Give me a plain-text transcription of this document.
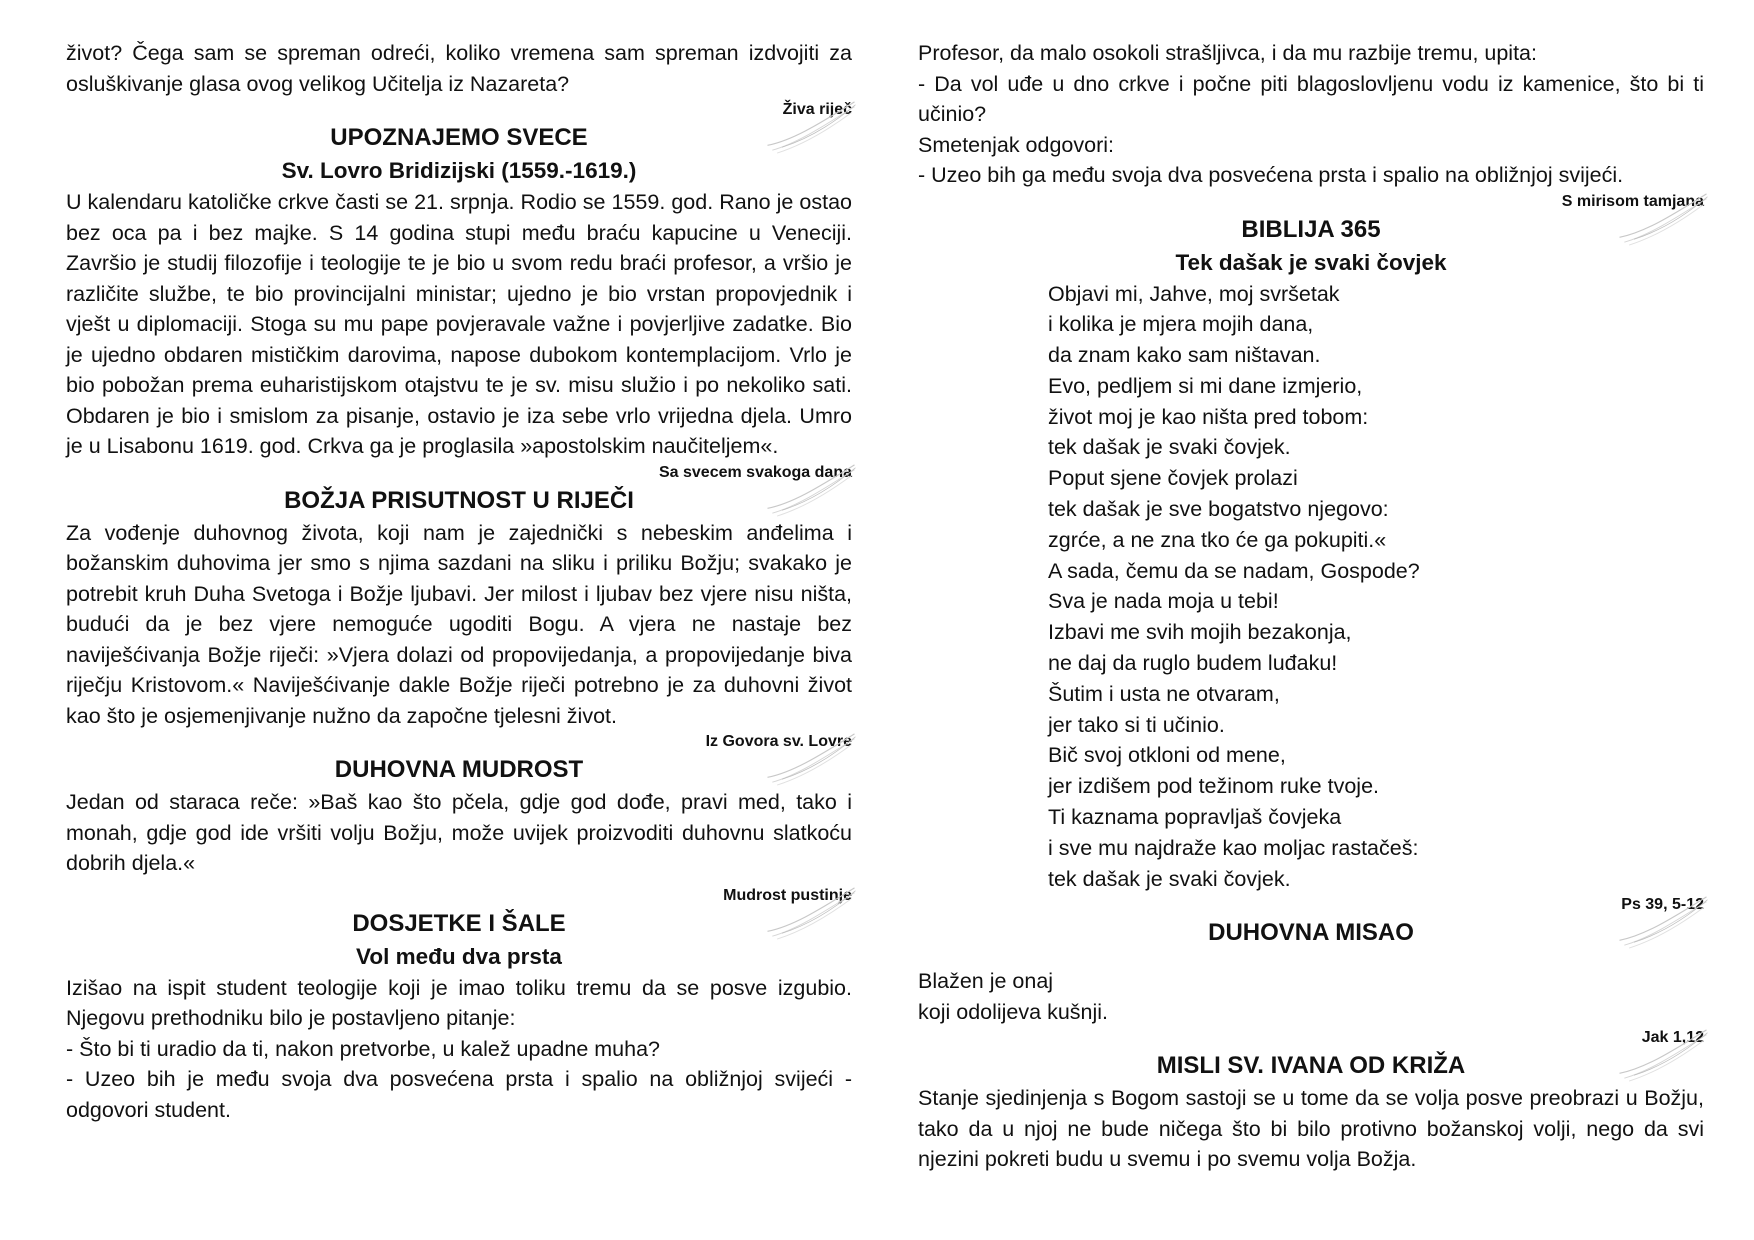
život? Čega sam se spreman odreći, koliko vremena sam spreman izdvojiti za osluškivanje glasa ovog velikog Učitelja iz Nazareta?

Živa riječ
UPOZNAJEMO SVECE
Sv. Lovro Bridizijski (1559.-1619.)

U kalendaru katoličke crkve časti se 21. srpnja. Rodio se 1559. god. Rano je ostao bez oca pa i bez majke. S 14 godina stupi među braću kapucine u Veneciji. Završio je studij filozofije i teologije te je bio u svom redu braći profesor, a vršio je različite službe, te bio provincijalni ministar; ujedno je bio vrstan propovjednik i vješt u diplomaciji. Stoga su mu pape povjeravale važne i povjerljive zadatke. Bio je ujedno obdaren mističkim darovima, napose dubokom kontemplacijom. Vrlo je bio pobožan prema euharistijskom otajstvu te je sv. misu služio i po nekoliko sati. Obdaren je bio i smislom za pisanje, ostavio je iza sebe vrlo vrijedna djela. Umro je u Lisabonu 1619. god. Crkva ga je proglasila »apostolskim naučiteljem«.

Sa svecem svakoga dana
BOŽJA PRISUTNOST U RIJEČI

Za vođenje duhovnog života, koji nam je zajednički s nebeskim anđelima i božanskim duhovima jer smo s njima sazdani na sliku i priliku Božju; svakako je potrebit kruh Duha Svetoga i Božje ljubavi. Jer milost i ljubav bez vjere nisu ništa, budući da je bez vjere nemoguće ugoditi Bogu. A vjera ne nastaje bez naviješćivanja Božje riječi: »Vjera dolazi od propovijedanja, a propovijedanje biva riječju Kristovom.« Naviješćivanje dakle Božje riječi potrebno je za duhovni život kao što je osjemenjivanje nužno da započne tjelesni život.

Iz Govora sv. Lovre
DUHOVNA MUDROST

Jedan od staraca reče: »Baš kao što pčela, gdje god dođe, pravi med, tako i monah, gdje god ide vršiti volju Božju, može uvijek proizvoditi duhovnu slatkoću dobrih djela.«

Mudrost pustinje
DOSJETKE I ŠALE
Vol među dva prsta

Izišao na ispit student teologije koji je imao toliku tremu da se posve izgubio. Njegovu prethodniku bilo je postavljeno pitanje:

- Što bi ti uradio da ti, nakon pretvorbe, u kalež upadne muha?

- Uzeo bih je među svoja dva posvećena prsta i spalio na obližnjoj svijeći - odgovori student.

Profesor, da malo osokoli strašljivca, i da mu razbije tremu, upita:

- Da vol uđe u dno crkve i počne piti blagoslovljenu vodu iz kamenice, što bi ti učinio?

Smetenjak odgovori:

- Uzeo bih ga među svoja dva posvećena prsta i spalio na obližnjoj svijeći.

S mirisom tamjana
BIBLIJA 365
Tek dašak je svaki čovjek
Objavi mi, Jahve, moj svršetak
i kolika je mjera mojih dana,
da znam kako sam ništavan.
Evo, pedljem si mi dane izmjerio,
život moj je kao ništa pred tobom:
tek dašak je svaki čovjek.
Poput sjene čovjek prolazi
tek dašak je sve bogatstvo njegovo:
zgrće, a ne zna tko će ga pokupiti.«
A sada, čemu da se nadam, Gospode?
Sva je nada moja u tebi!
Izbavi me svih mojih bezakonja,
ne daj da ruglo budem luđaku!
Šutim i usta ne otvaram,
jer tako si ti učinio.
Bič svoj otkloni od mene,
jer izdišem pod težinom ruke tvoje.
Ti kaznama popravljaš čovjeka
i sve mu najdraže kao moljac rastačeš:
tek dašak je svaki čovjek.
Ps 39, 5-12
DUHOVNA MISAO

Blažen je onaj

koji odolijeva kušnji.

Jak 1,12
MISLI SV. IVANA OD KRIŽA

Stanje sjedinjenja s Bogom sastoji se u tome da se volja posve preobrazi u Božju, tako da u njoj ne bude ničega što bi bilo protivno božanskoj volji, nego da svi njezini pokreti budu u svemu i po svemu volja Božja.
